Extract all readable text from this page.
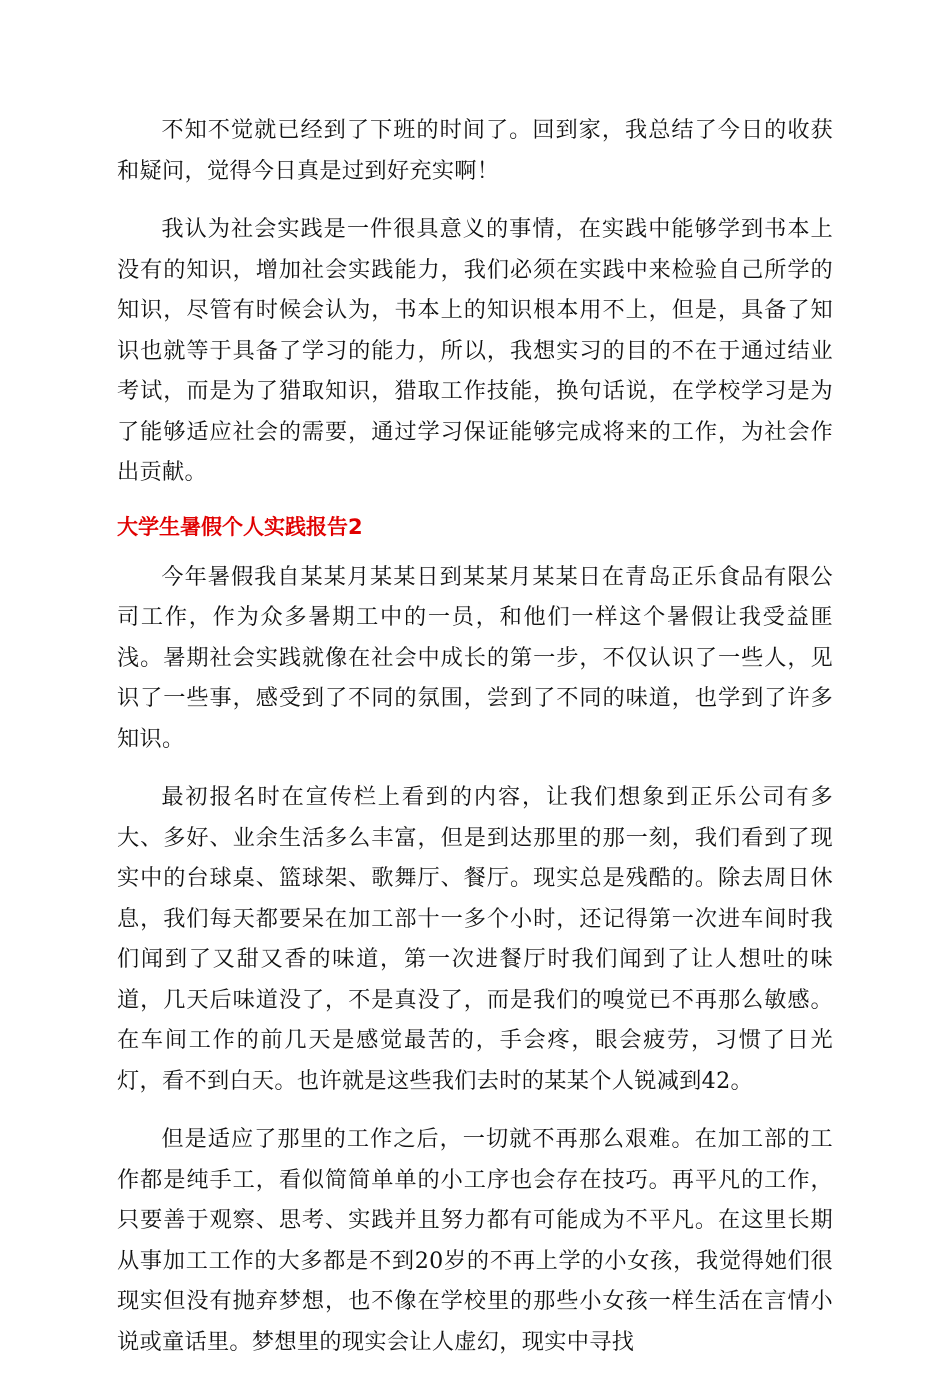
不知不觉就已经到了下班的时间了。回到家，我总结了今日的收获和疑问，觉得今日真是过到好充实啊！

我认为社会实践是一件很具意义的事情，在实践中能够学到书本上没有的知识，增加社会实践能力，我们必须在实践中来检验自己所学的知识，尽管有时候会认为，书本上的知识根本用不上，但是，具备了知识也就等于具备了学习的能力，所以，我想实习的目的不在于通过结业考试，而是为了猎取知识，猎取工作技能，换句话说，在学校学习是为了能够适应社会的需要，通过学习保证能够完成将来的工作，为社会作出贡献。

大学生暑假个人实践报告2

今年暑假我自某某月某某日到某某月某某日在青岛正乐食品有限公司工作，作为众多暑期工中的一员，和他们一样这个暑假让我受益匪浅。暑期社会实践就像在社会中成长的第一步，不仅认识了一些人，见识了一些事，感受到了不同的氛围，尝到了不同的味道，也学到了许多知识。

最初报名时在宣传栏上看到的内容，让我们想象到正乐公司有多大、多好、业余生活多么丰富，但是到达那里的那一刻，我们看到了现实中的台球桌、篮球架、歌舞厅、餐厅。现实总是残酷的。除去周日休息，我们每天都要呆在加工部十一多个小时，还记得第一次进车间时我们闻到了又甜又香的味道，第一次进餐厅时我们闻到了让人想吐的味道，几天后味道没了，不是真没了，而是我们的嗅觉已不再那么敏感。在车间工作的前几天是感觉最苦的，手会疼，眼会疲劳，习惯了日光灯，看不到白天。也许就是这些我们去时的某某个人锐减到42。

但是适应了那里的工作之后，一切就不再那么艰难。在加工部的工作都是纯手工，看似简简单单的小工序也会存在技巧。再平凡的工作，只要善于观察、思考、实践并且努力都有可能成为不平凡。在这里长期从事加工工作的大多都是不到20岁的不再上学的小女孩，我觉得她们很现实但没有抛弃梦想，也不像在学校里的那些小女孩一样生活在言情小说或童话里。梦想里的现实会让人虚幻，现实中寻找
